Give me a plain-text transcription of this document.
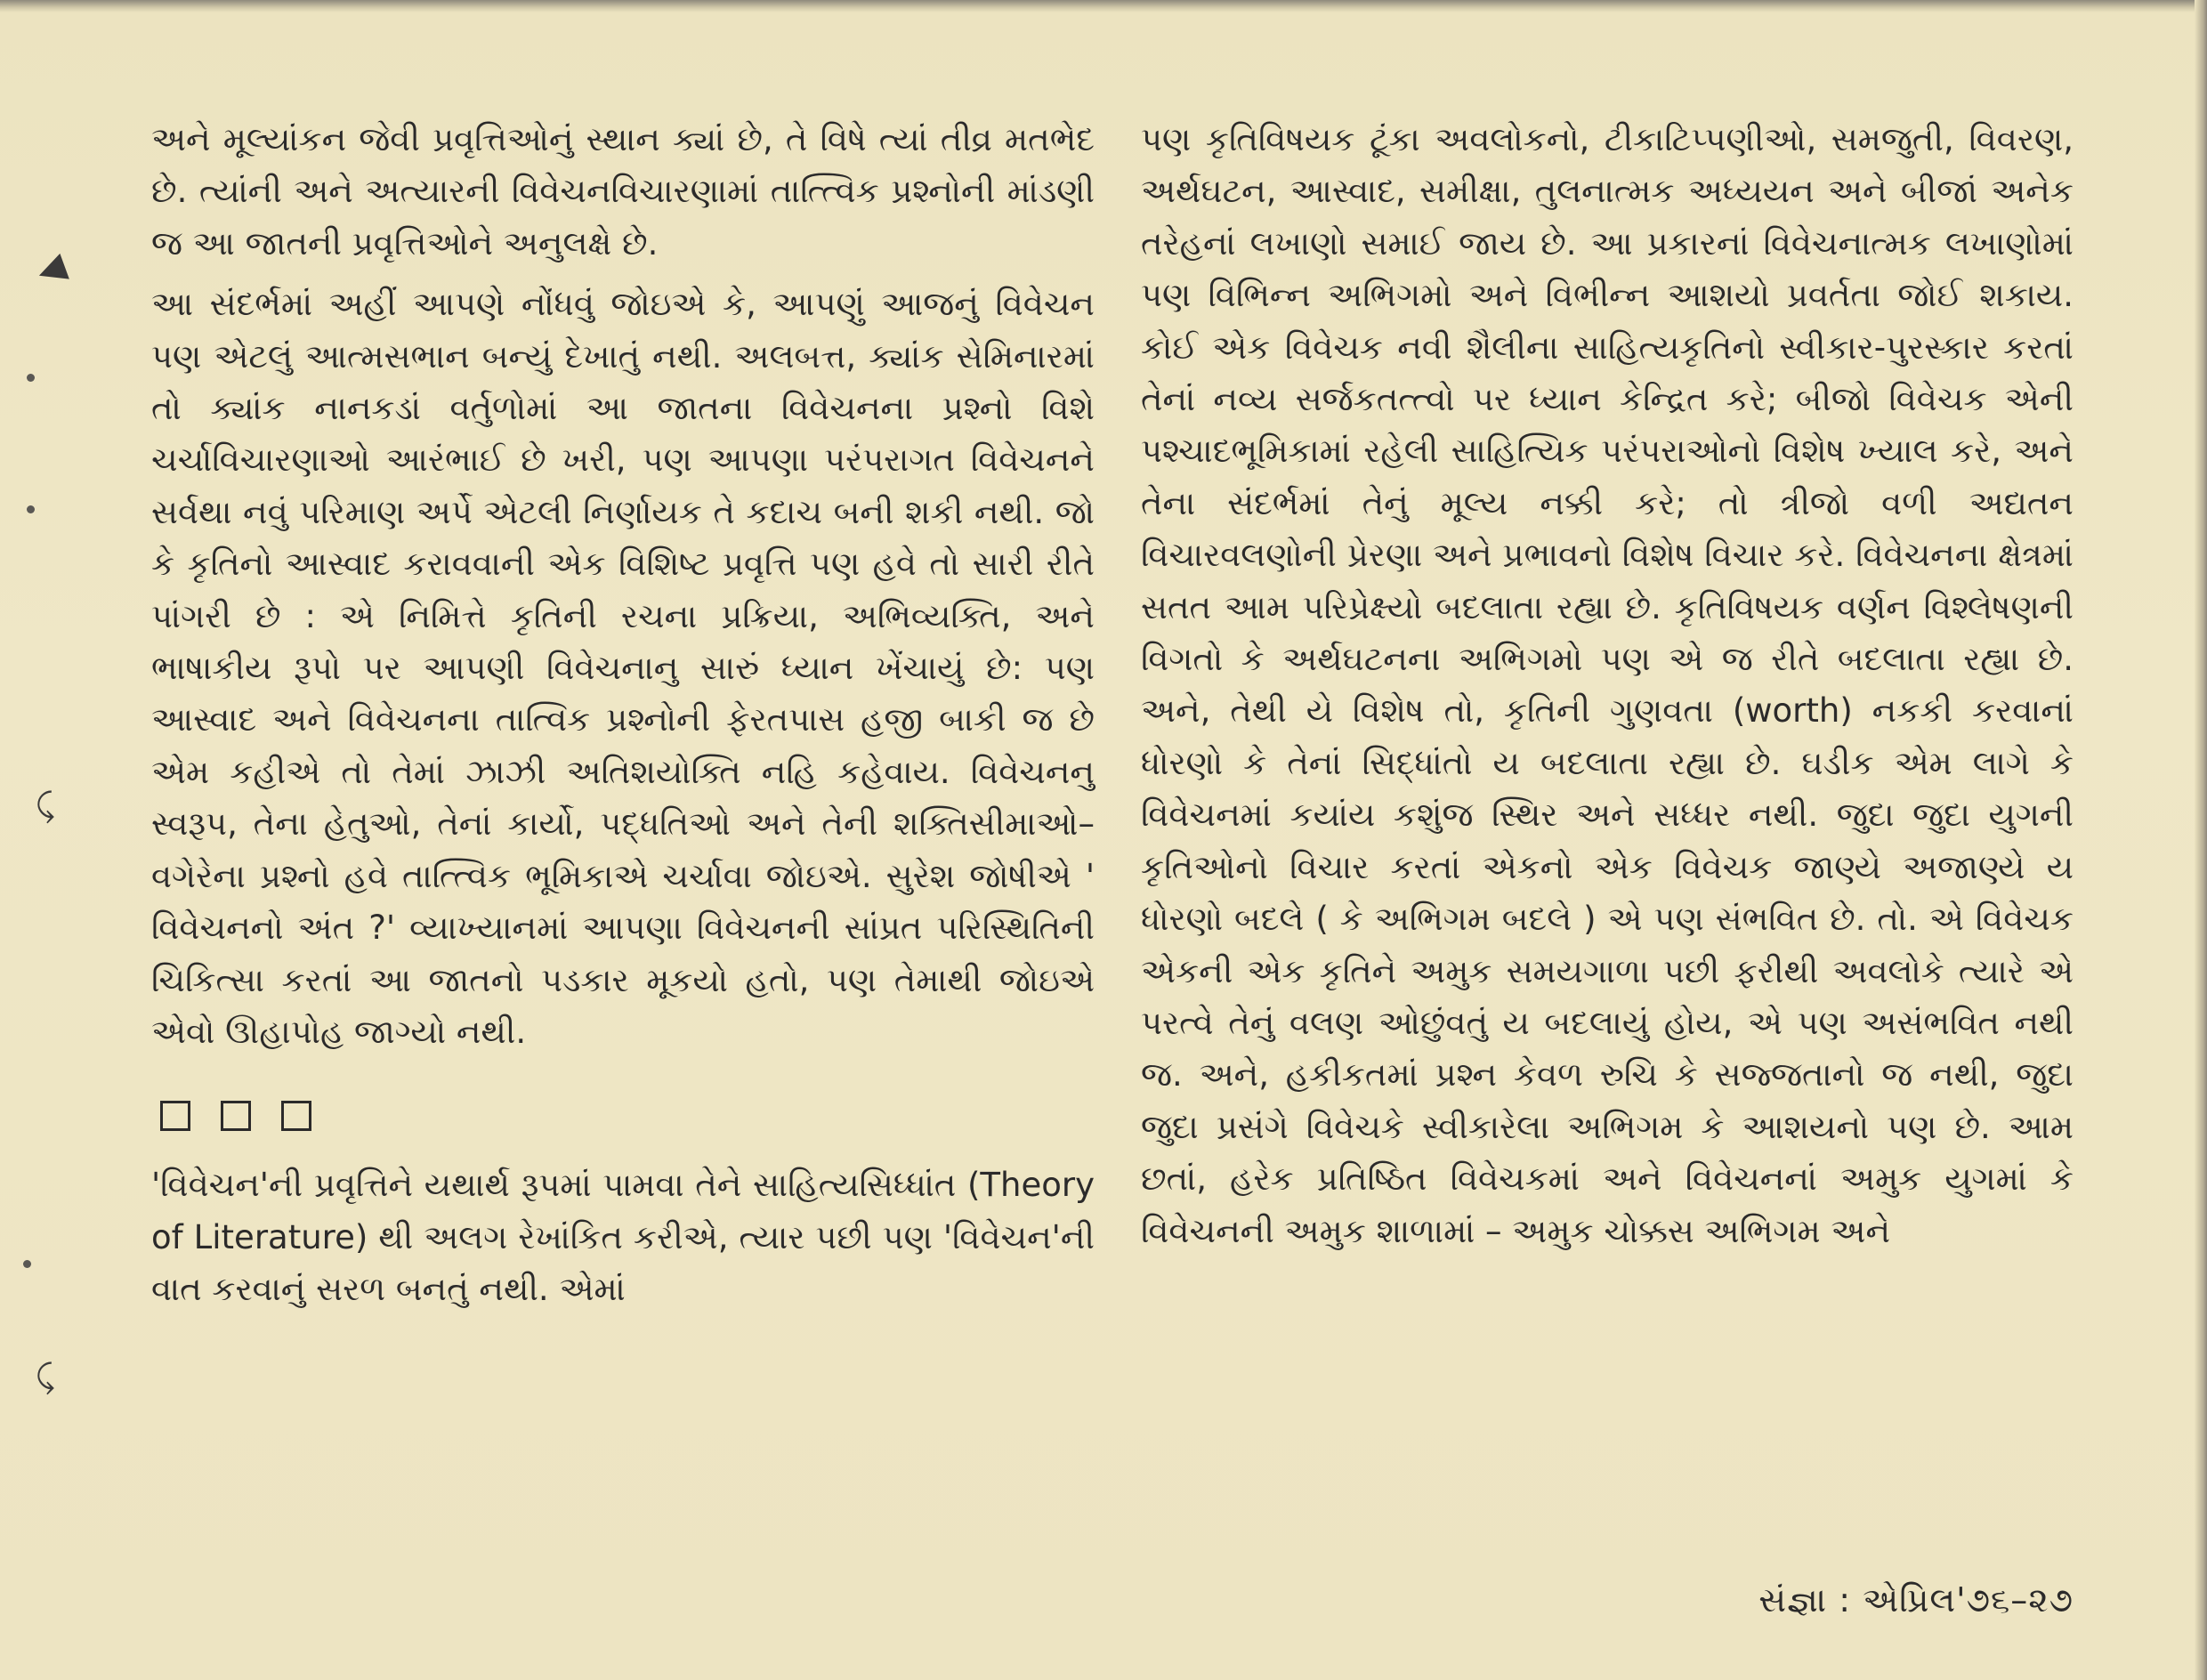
◀
⤹
⤹

અને મૂલ્યાંકન જેવી પ્રવૃત્તિઓનું સ્થાન ક્યાં છે, તે વિષે ત્યાં તીવ્ર મતભેદ છે. ત્યાંની અને અત્યારની વિવેચનવિચારણામાં તાત્ત્વિક પ્રશ્નોની માંડણી જ આ જાતની પ્રવૃત્તિઓને અનુલક્ષે છે.

આ સંદર્ભમાં અહીં આપણે નોંધવું જોઇએ કે, આપણું આજનું વિવેચન પણ એટલું આત્મસભાન બન્યું દેખાતું નથી. અલબત્ત, ક્યાંક સેમિનારમાં તો ક્યાંક નાનકડાં વર્તુળોમાં આ જાતના વિવેચનના પ્રશ્નો વિશે ચર્ચાવિચારણાઓ આરંભાઈ છે ખરી, પણ આપણા પરંપરાગત વિવેચનને સર્વથા નવું પરિમાણ અર્પે એટલી નિર્ણાયક તે કદાચ બની શકી નથી. જો કે કૃતિનો આસ્વાદ કરાવવાની એક વિશિષ્ટ પ્રવૃત્તિ પણ હવે તો સારી રીતે પાંગરી છે : એ નિમિત્તે કૃતિની રચના પ્રક્રિયા, અભિવ્યક્તિ, અને ભાષાકીય રૂપો પર આપણી વિવેચનાનુ સારું ધ્યાન ખેંચાયું છે: પણ આસ્વાદ અને વિવેચનના તાત્વિક પ્રશ્નોની ફેરતપાસ હજી બાકી જ છે એમ કહીએ તો તેમાં ઝાઝી અતિશયોક્તિ નહિ કહેવાય. વિવેચનનુ સ્વરૂપ, તેના હેતુઓ, તેનાં કાર્યો, પદ્ધતિઓ અને તેની શક્તિસીમાઓ–વગેરેના પ્રશ્નો હવે તાત્ત્વિક ભૂમિકાએ ચર્ચાવા જોઇએ. સુરેશ જોષીએ ' વિવેચનનો અંત ?' વ્યાખ્યાનમાં આપણા વિવેચનની સાંપ્રત પરિસ્થિતિની ચિકિત્સા કરતાં આ જાતનો પડકાર મૂકયો હતો, પણ તેમાથી જોઇએ એવો ઊહાપોહ જાગ્યો નથી.

'વિવેચન'ની પ્રવૃત્તિને યથાર્થ રૂપમાં પામવા તેને સાહિત્યસિધ્ધાંત (Theory of Literature) થી અલગ રેખાંકિત કરીએ, ત્યાર પછી પણ 'વિવેચન'ની વાત કરવાનું સરળ બનતું નથી. એમાં

પણ કૃતિવિષયક ટૂંકા અવલોકનો, ટીકાટિપ્પણીઓ, સમજુતી, વિવરણ, અર્થઘટન, આસ્વાદ, સમીક્ષા, તુલનાત્મક અધ્યયન અને બીજાં અનેક તરેહનાં લખાણો સમાઈ જાય છે. આ પ્રકારનાં વિવેચનાત્મક લખાણોમાં પણ વિભિન્ન અભિગમો અને વિભીન્ન આશયો પ્રવર્તતા જોઈ શકાય. કોઈ એક વિવેચક નવી શૈલીના સાહિત્યકૃતિનો સ્વીકાર-પુરસ્કાર કરતાં તેનાં નવ્ય સર્જકતત્ત્વો પર ધ્યાન કેન્દ્રિત કરે; બીજો વિવેચક એની પશ્ચાદભૂમિકામાં રહેલી સાહિત્યિક પરંપરાઓનો વિશેષ ખ્યાલ કરે, અને તેના સંદર્ભમાં તેનું મૂલ્ય નક્કી કરે; તો ત્રીજો વળી અદ્યતન વિચારવલણોની પ્રેરણા અને પ્રભાવનો વિશેષ વિચાર કરે. વિવેચનના ક્ષેત્રમાં સતત આમ પરિપ્રેક્ષ્યો બદલાતા રહ્યા છે. કૃતિવિષયક વર્ણન વિશ્લેષણની વિગતો કે અર્થઘટનના અભિગમો પણ એ જ રીતે બદલાતા રહ્યા છે. અને, તેથી યે વિશેષ તો, કૃતિની ગુણવતા (worth) નકકી કરવાનાં ધોરણો કે તેનાં સિદ્ધાંતો ય બદલાતા રહ્યા છે. ઘડીક એમ લાગે કે વિવેચનમાં કયાંય કશુંજ સ્થિર અને સધ્ધર નથી. જુદા જુદા યુગની કૃતિઓનો વિચાર કરતાં એકનો એક વિવેચક જાણ્યે અજાણ્યે ય ધોરણો બદલે ( કે અભિગમ બદલે ) એ પણ સંભવિત છે. તો. એ વિવેચક એકની એક કૃતિને અમુક સમયગાળા પછી ફરીથી અવલોકે ત્યારે એ પરત્વે તેનું વલણ ઓછુંવતું ય બદલાયું હોય, એ પણ અસંભવિત નથી જ. અને, હકીકતમાં પ્રશ્ન કેવળ રુચિ કે સજ્જતાનો જ નથી, જુદા જુદા પ્રસંગે વિવેચકે સ્વીકારેલા અભિગમ કે આશયનો પણ છે. આમ છતાં, હરેક પ્રતિષ્ઠિત વિવેચકમાં અને વિવેચનનાં અમુક યુગમાં કે વિવેચનની અમુક શાળામાં – અમુક ચોક્કસ અભિગમ અને

સંજ્ઞા : એપ્રિલ'૭૬–૨૭
